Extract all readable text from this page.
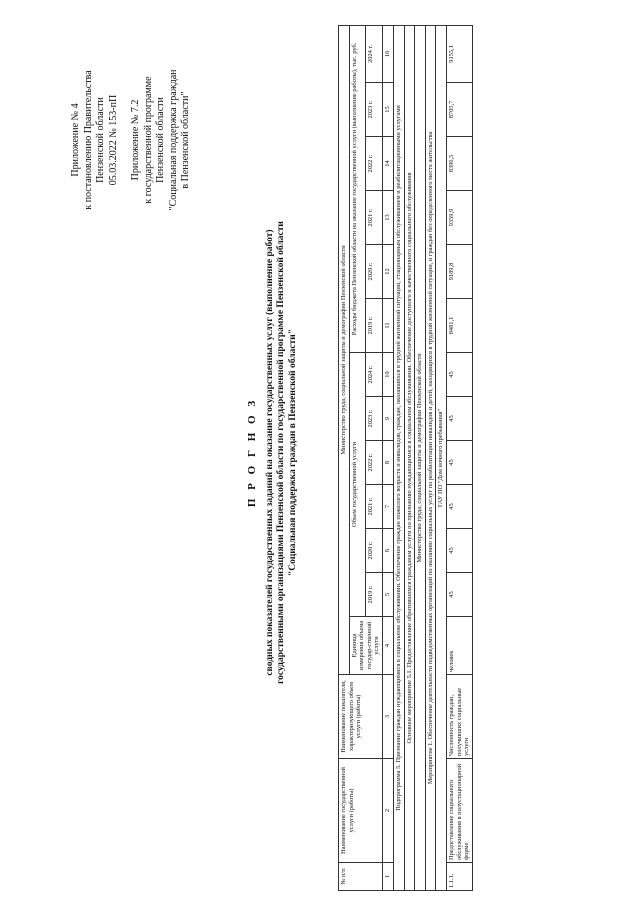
Приложение № 4 к постановлению Правительства Пензенской области 05.03.2022 № 153-пП Приложение № 7.2 к государственной программе Пензенской области "Социальная поддержка граждан в Пензенской области"

П Р О Г Н О З сводных показателей государственных заданий на оказание государственных услуг (выполнение работ) государственными организациями Пензенской области по государственной программе Пензенской области "Социальная поддержка граждан в Пензенской области"

№ п/п	Наименование государственной услуги (работы)	Наименование показателя, характеризующего объем услуги (работы)	Министерство труда, социальной защиты и демографии Пензенской области												
			Единица измерения объема государ-ственной услуги	Объем государственной услуги						Расходы бюджета Пензенской области на оказание государственной услуги (выполнение работы), тыс. руб.					
				2019 г.	2020 г.	2021 г.	2022 г.	2023 г.	2024 г.	2019 г.	2020 г.	2021 г.	2022 г.	2023 г.	2024 г.
1	2	3	4	5	6	7	8	9	10	11	12	13	14	15	16
Подпрограмма 5. Признание граждан нуждающимися в социальном обслуживании. Обеспечение граждан пожилого возраста и инвалидов, граждан, оказавшихся в трудной жизненной ситуации, стационарным обслуживанием и реабилитационными услугами															
Основное мероприятие 5.1. Предоставление обратившимся гражданам услуги по признанию нуждающимися в социальном обслуживании. Обеспечение доступного и качественного социального обслуживания															
Министерство труда, социальной защиты и демографии Пензенской области															
Мероприятие 1. Обеспечение деятельности подведомственных организаций по оказанию социальных услуг по реабилитации инвалидов и детей, находящихся в трудной жизненной ситуации, и граждан без определенного места жительства															
ГАУ ПО "Дом ночного пребывания"															
1.1.1.	Предоставление социального обслуживания в полустационарной форме	Численность граждан, получивших социальные услуги	человек	45	45	45	45	45	45	8481,1	9189,8	9359,9	8396,5	8705,7	9155,1
